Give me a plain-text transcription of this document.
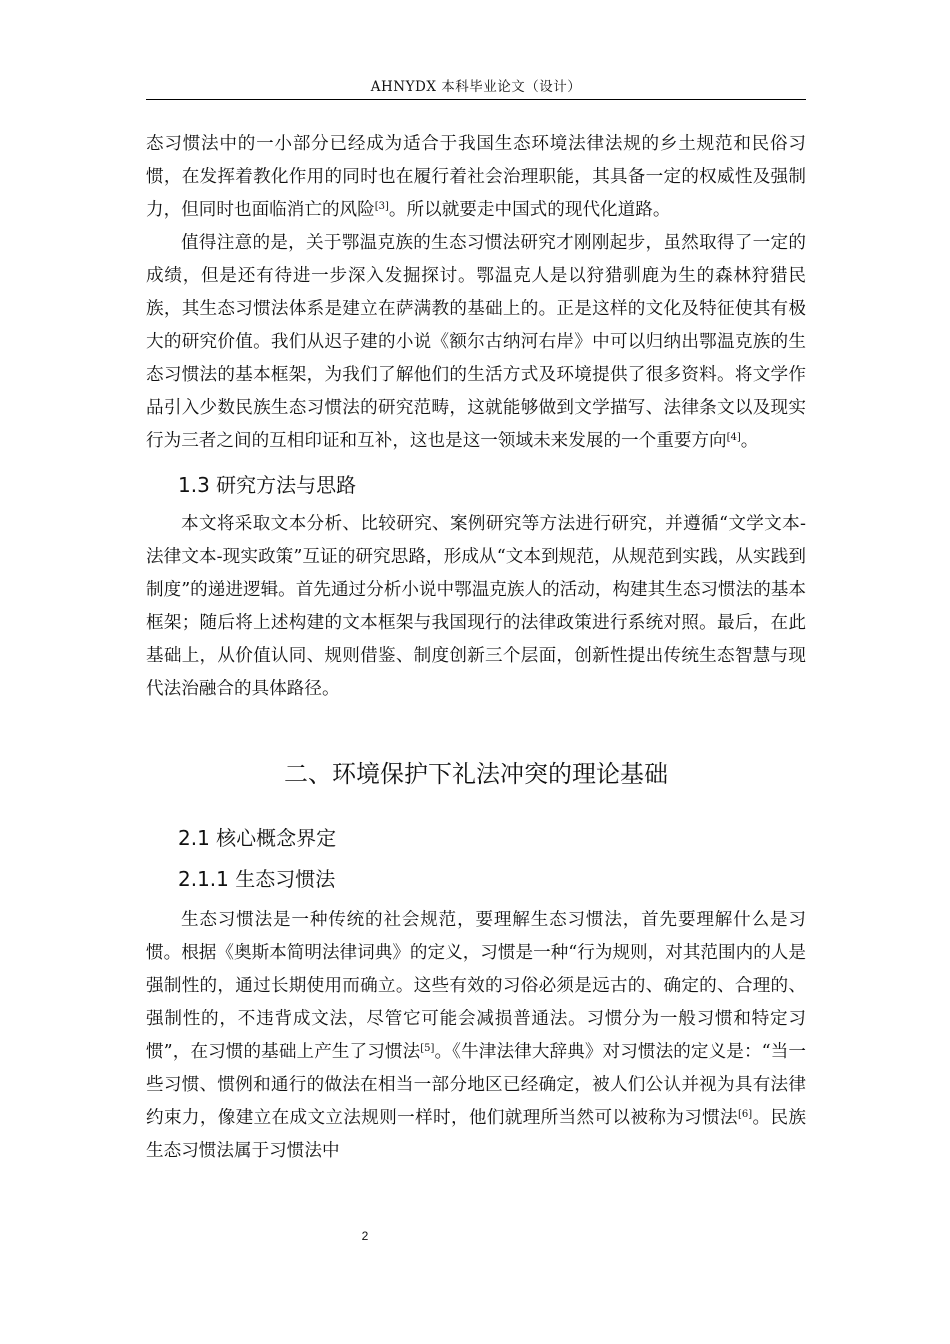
AHNYDX 本科毕业论文（设计）

态习惯法中的一小部分已经成为适合于我国生态环境法律法规的乡土规范和民俗习惯，在发挥着教化作用的同时也在履行着社会治理职能，其具备一定的权威性及强制力，但同时也面临消亡的风险[3]。所以就要走中国式的现代化道路。

值得注意的是，关于鄂温克族的生态习惯法研究才刚刚起步，虽然取得了一定的成绩，但是还有待进一步深入发掘探讨。鄂温克人是以狩猎驯鹿为生的森林狩猎民族，其生态习惯法体系是建立在萨满教的基础上的。正是这样的文化及特征使其有极大的研究价值。我们从迟子建的小说《额尔古纳河右岸》中可以归纳出鄂温克族的生态习惯法的基本框架，为我们了解他们的生活方式及环境提供了很多资料。将文学作品引入少数民族生态习惯法的研究范畴，这就能够做到文学描写、法律条文以及现实行为三者之间的互相印证和互补，这也是这一领域未来发展的一个重要方向[4]。

1.3 研究方法与思路

本文将采取文本分析、比较研究、案例研究等方法进行研究，并遵循“文学文本-法律文本-现实政策”互证的研究思路，形成从“文本到规范，从规范到实践，从实践到制度”的递进逻辑。首先通过分析小说中鄂温克族人的活动，构建其生态习惯法的基本框架；随后将上述构建的文本框架与我国现行的法律政策进行系统对照。最后，在此基础上，从价值认同、规则借鉴、制度创新三个层面，创新性提出传统生态智慧与现代法治融合的具体路径。

二、环境保护下礼法冲突的理论基础
2.1 核心概念界定
2.1.1 生态习惯法

生态习惯法是一种传统的社会规范，要理解生态习惯法，首先要理解什么是习惯。根据《奥斯本简明法律词典》的定义，习惯是一种“行为规则，对其范围内的人是强制性的，通过长期使用而确立。这些有效的习俗必须是远古的、确定的、合理的、强制性的，不违背成文法，尽管它可能会减损普通法。习惯分为一般习惯和特定习惯”，在习惯的基础上产生了习惯法[5]。《牛津法律大辞典》对习惯法的定义是：“当一些习惯、惯例和通行的做法在相当一部分地区已经确定，被人们公认并视为具有法律约束力，像建立在成文立法规则一样时，他们就理所当然可以被称为习惯法[6]。民族生态习惯法属于习惯法中

2
